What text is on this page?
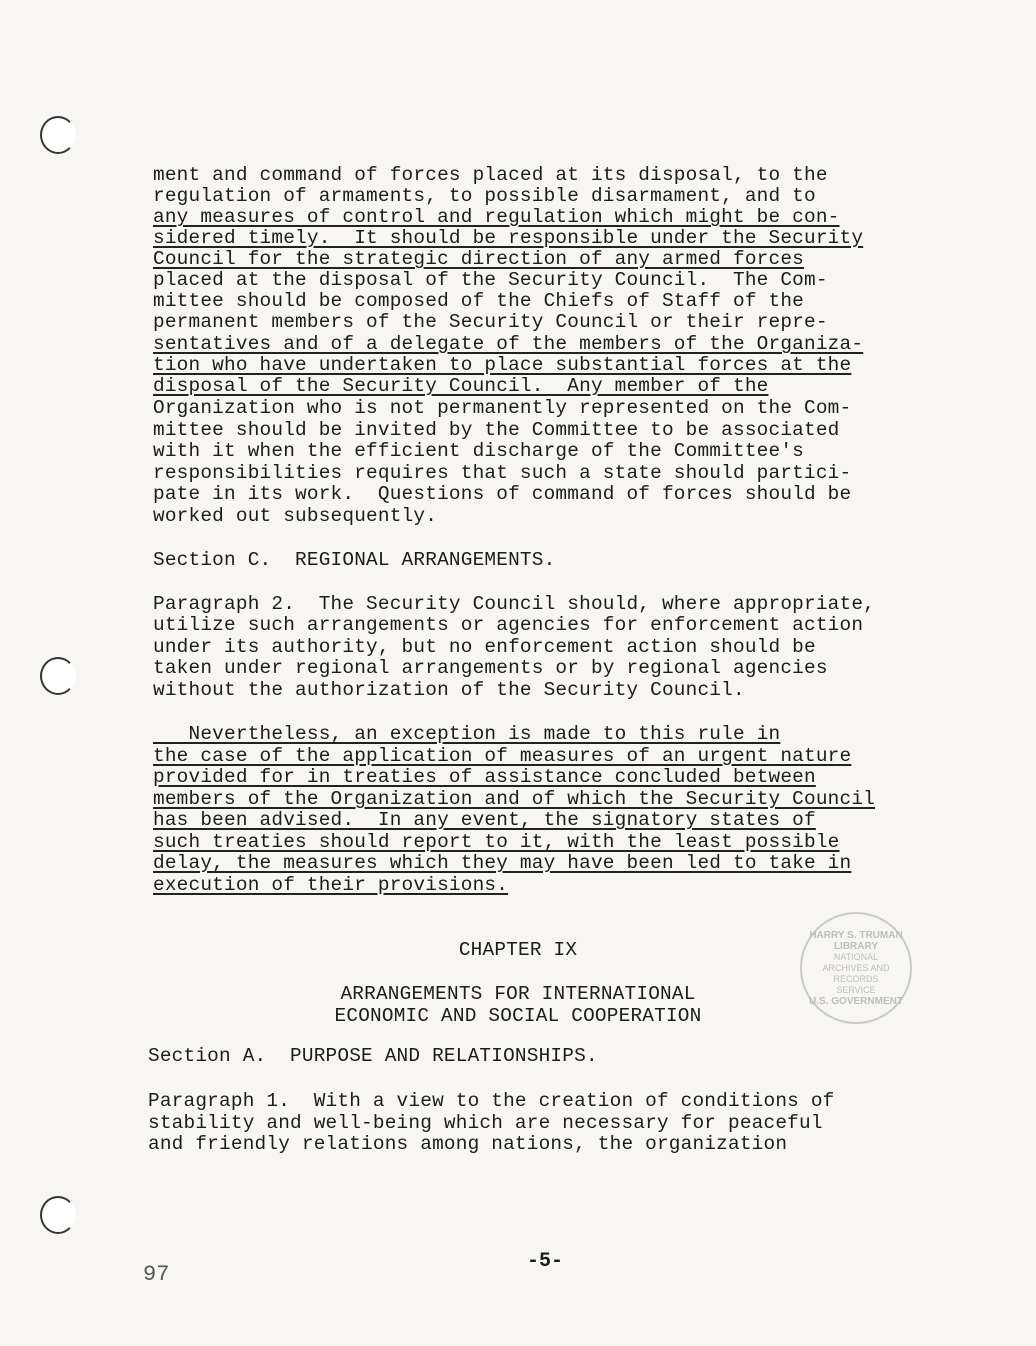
ment and command of forces placed at its disposal, to the
regulation of armaments, to possible disarmament, and to
any measures of control and regulation which might be con-
sidered timely.  It should be responsible under the Security
Council for the strategic direction of any armed forces
placed at the disposal of the Security Council.  The Com-
mittee should be composed of the Chiefs of Staff of the
permanent members of the Security Council or their repre-
sentatives and of a delegate of the members of the Organiza-
tion who have undertaken to place substantial forces at the
disposal of the Security Council.  Any member of the
Organization who is not permanently represented on the Com-
mittee should be invited by the Committee to be associated
with it when the efficient discharge of the Committee's
responsibilities requires that such a state should partici-
pate in its work.  Questions of command of forces should be
worked out subsequently.
Section C.  REGIONAL ARRANGEMENTS.
Paragraph 2.  The Security Council should, where appropriate,
utilize such arrangements or agencies for enforcement action
under its authority, but no enforcement action should be
taken under regional arrangements or by regional agencies
without the authorization of the Security Council.
Nevertheless, an exception is made to this rule in
the case of the application of measures of an urgent nature
provided for in treaties of assistance concluded between
members of the Organization and of which the Security Council
has been advised.  In any event, the signatory states of
such treaties should report to it, with the least possible
delay, the measures which they may have been led to take in
execution of their provisions.
CHAPTER IX
ARRANGEMENTS FOR INTERNATIONAL
ECONOMIC AND SOCIAL COOPERATION
HARRY S. TRUMAN LIBRARY
NATIONAL
ARCHIVES AND
RECORDS
SERVICE
U.S. GOVERNMENT
Section A.  PURPOSE AND RELATIONSHIPS.
Paragraph 1.  With a view to the creation of conditions of
stability and well-being which are necessary for peaceful
and friendly relations among nations, the organization
-5-
97
